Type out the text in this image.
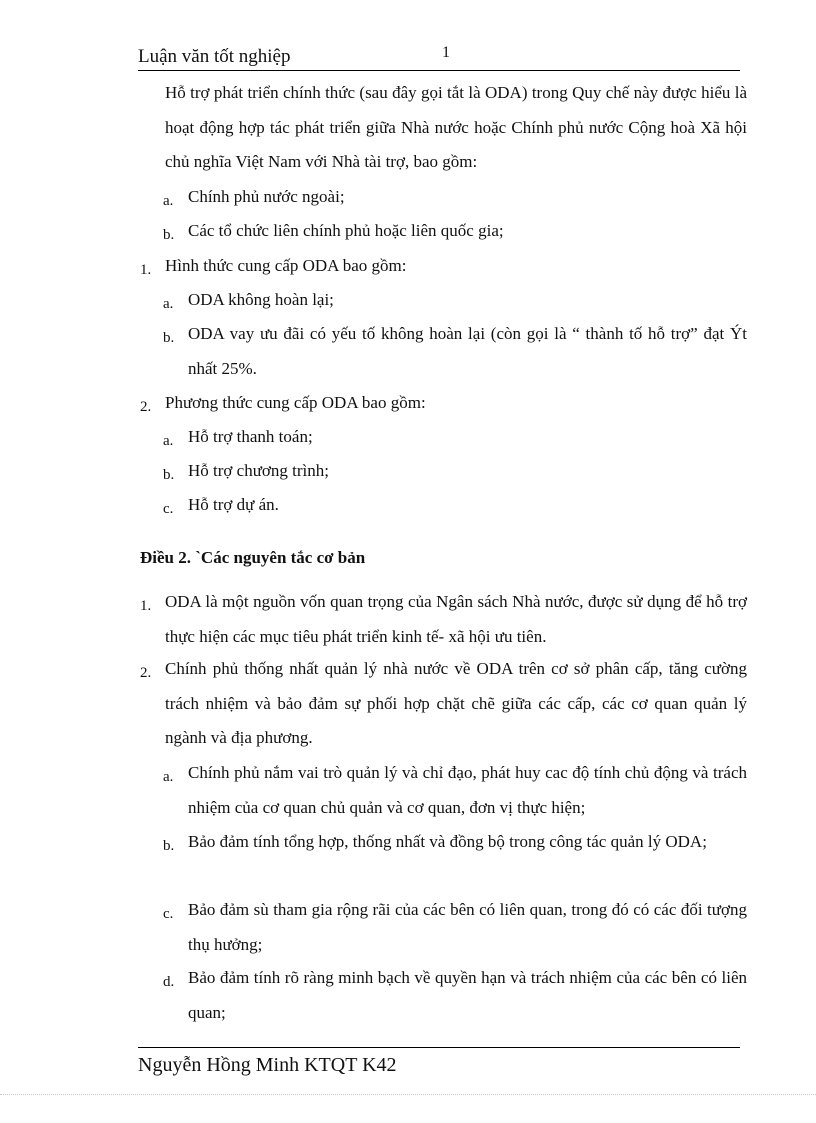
Luận văn tốt nghiệp	1
Hỗ trợ phát triển chính thức (sau đây gọi tắt là ODA) trong Quy chế này được hiểu là hoạt động hợp tác phát triển giữa Nhà nước hoặc Chính phủ nước Cộng hoà Xã hội chủ nghĩa Việt Nam với Nhà tài trợ, bao gồm:
a. Chính phủ nước ngoài;
b. Các tổ chức liên chính phủ hoặc liên quốc gia;
1. Hình thức cung cấp ODA bao gồm:
a. ODA không hoàn lại;
b. ODA vay ưu đãi có yếu tố không hoàn lại (còn gọi là “ thành tố hỗ trợ” đạt Ýt nhất 25%.
2. Phương thức cung cấp ODA bao gồm:
a. Hỗ trợ thanh toán;
b. Hỗ trợ chương trình;
c. Hỗ trợ dự án.
Điều 2. `Các nguyên tắc cơ bản
1. ODA là một nguồn vốn quan trọng của Ngân sách Nhà nước, được sử dụng để hỗ trợ thực hiện các mục tiêu phát triển kinh tế- xã hội ưu tiên.
2. Chính phủ thống nhất quản lý nhà nước về ODA trên cơ sở phân cấp, tăng cường trách nhiệm và bảo đảm sự phối hợp chặt chẽ giữa các cấp, các cơ quan quản lý ngành và địa phương.
a. Chính phủ nắm vai trò quản lý và chỉ đạo, phát huy cac độ tính chủ động và trách nhiệm của cơ quan chủ quản và cơ quan, đơn vị thực hiện;
b. Bảo đảm tính tổng hợp, thống nhất và đồng bộ trong công tác quản lý ODA;
c. Bảo đảm sù tham gia rộng rãi của các bên có liên quan, trong đó có các đối tượng thụ hưởng;
d. Bảo đảm tính rõ ràng minh bạch về quyền hạn và trách nhiệm của các bên có liên quan;
Nguyễn Hồng Minh KTQT K42
